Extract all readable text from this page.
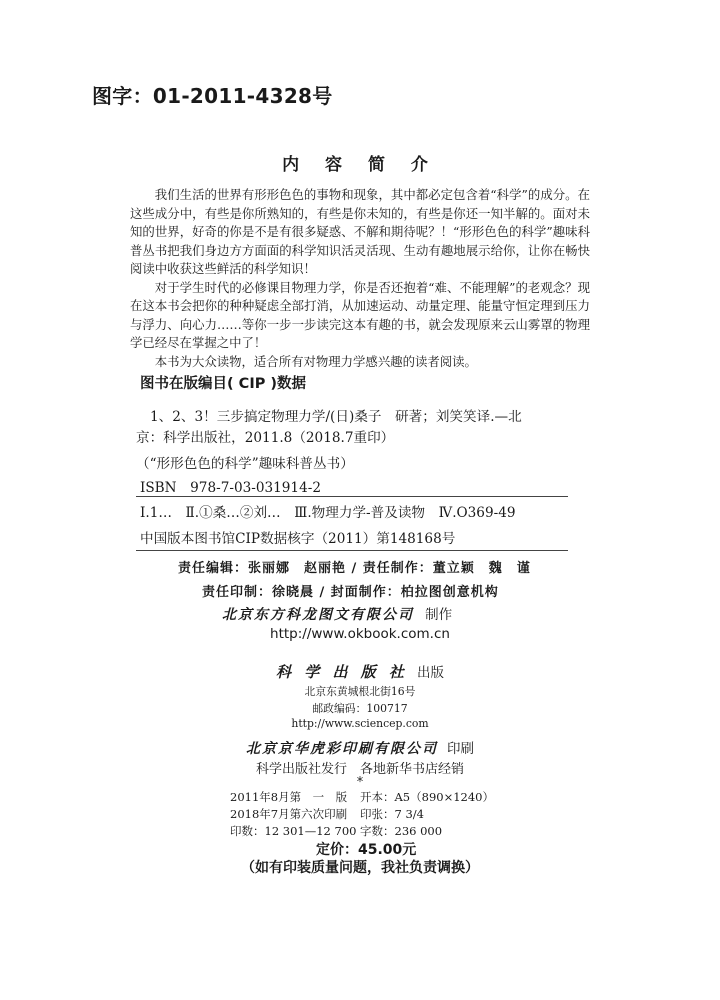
图字：01-2011-4328号
内 容 简 介

我们生活的世界有形形色色的事物和现象，其中都必定包含着“科学”的成分。在这些成分中，有些是你所熟知的，有些是你未知的，有些是你还一知半解的。面对未知的世界，好奇的你是不是有很多疑惑、不解和期待呢？！“形形色色的科学”趣味科普丛书把我们身边方方面面的科学知识活灵活现、生动有趣地展示给你，让你在畅快阅读中收获这些鲜活的科学知识！

对于学生时代的必修课目物理力学，你是否还抱着“难、不能理解”的老观念？现在这本书会把你的种种疑虑全部打消，从加速运动、动量定理、能量守恒定理到压力与浮力、向心力……等你一步一步读完这本有趣的书，就会发现原来云山雾罩的物理学已经尽在掌握之中了！

本书为大众读物，适合所有对物理力学感兴趣的读者阅读。

图书在版编目( CIP )数据
1、2、3！三步搞定物理力学/(日)桑子　研著；刘笑笑译.—北
京：科学出版社，2011.8（2018.7重印）
（“形形色色的科学”趣味科普丛书）
ISBN　978-7-03-031914-2
Ⅰ.1…　Ⅱ.①桑…②刘…　Ⅲ.物理力学-普及读物　Ⅳ.O369-49
中国版本图书馆CIP数据核字（2011）第148168号
责任编辑：张丽娜　赵丽艳 / 责任制作：董立颖　魏　谨
责任印制：徐晓晨 / 封面制作：柏拉图创意机构
北京东方科龙图文有限公司 制作
http://www.okbook.com.cn
科 学 出 版 社 出版
北京东黄城根北街16号
邮政编码：100717
http://www.sciencep.com
北京京华虎彩印刷有限公司 印刷
科学出版社发行　各地新华书店经销
*
2011年8月第　一　版 开本：A5（890×1240）
2018年7月第六次印刷 印张：7 3/4
印数：12 301—12 700 字数：236 000
定价：45.00元
（如有印装质量问题，我社负责调换）
